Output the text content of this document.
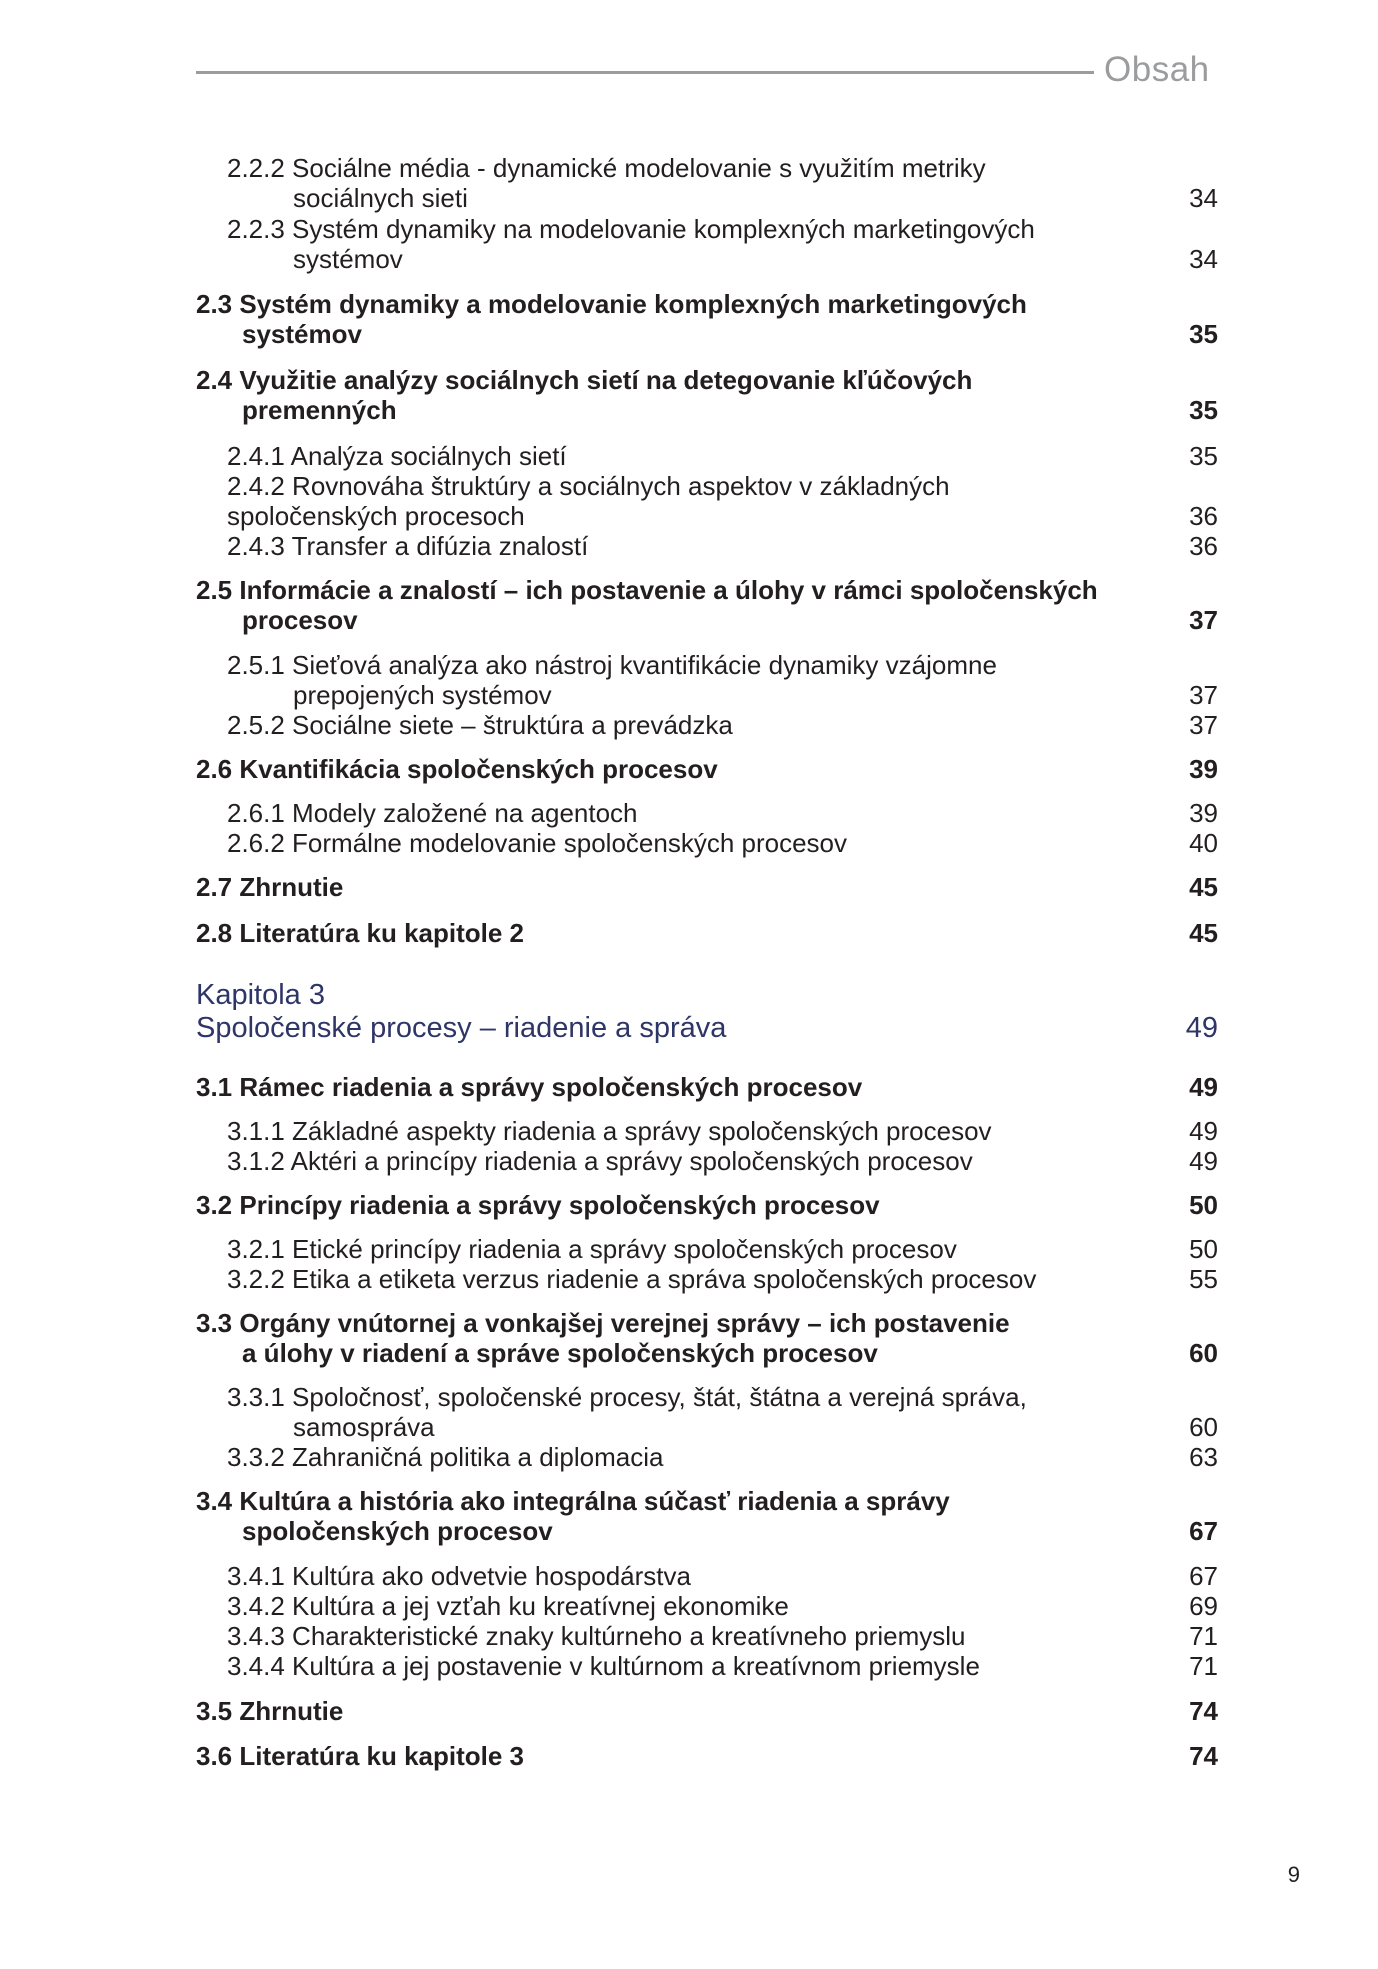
Obsah
2.2.2 Sociálne média - dynamické modelovanie s využitím metriky
sociálnych sieti	34
2.2.3 Systém dynamiky na modelovanie komplexných marketingových
systémov	34
2.3 Systém dynamiky a modelovanie komplexných marketingových
systémov	35
2.4 Využitie analýzy sociálnych sietí na detegovanie kľúčových
premenných	35
2.4.1 Analýza sociálnych sietí	35
2.4.2 Rovnováha štruktúry a sociálnych aspektov v základných
spoločenských procesoch	36
2.4.3 Transfer a difúzia znalostí	36
2.5 Informácie a znalostí – ich postavenie a úlohy v rámci spoločenských
procesov	37
2.5.1 Sieťová analýza ako nástroj kvantifikácie dynamiky vzájomne
prepojených systémov	37
2.5.2 Sociálne siete – štruktúra a prevádzka	37
2.6 Kvantifikácia spoločenských procesov	39
2.6.1 Modely založené na agentoch	39
2.6.2 Formálne modelovanie spoločenských procesov	40
2.7 Zhrnutie	45
2.8 Literatúra ku kapitole 2	45
Kapitola 3
Spoločenské procesy – riadenie a správa	49
3.1 Rámec riadenia a správy spoločenských procesov	49
3.1.1 Základné aspekty riadenia a správy spoločenských procesov	49
3.1.2 Aktéri a princípy riadenia a správy spoločenských procesov	49
3.2 Princípy riadenia a správy spoločenských procesov	50
3.2.1 Etické princípy riadenia a správy spoločenských procesov	50
3.2.2 Etika a etiketa verzus riadenie a správa spoločenských procesov	55
3.3 Orgány vnútornej a vonkajšej verejnej správy – ich postavenie
a úlohy v riadení a správe spoločenských procesov	60
3.3.1 Spoločnosť, spoločenské procesy, štát, štátna a verejná správa,
samospráva	60
3.3.2 Zahraničná politika a diplomacia	63
3.4 Kultúra a história ako integrálna súčasť riadenia a správy
spoločenských procesov	67
3.4.1 Kultúra ako odvetvie hospodárstva	67
3.4.2 Kultúra a jej vzťah ku kreatívnej ekonomike	69
3.4.3 Charakteristické znaky kultúrneho a kreatívneho priemyslu	71
3.4.4 Kultúra a jej postavenie v kultúrnom a kreatívnom priemysle	71
3.5 Zhrnutie	74
3.6 Literatúra ku kapitole 3	74
9
